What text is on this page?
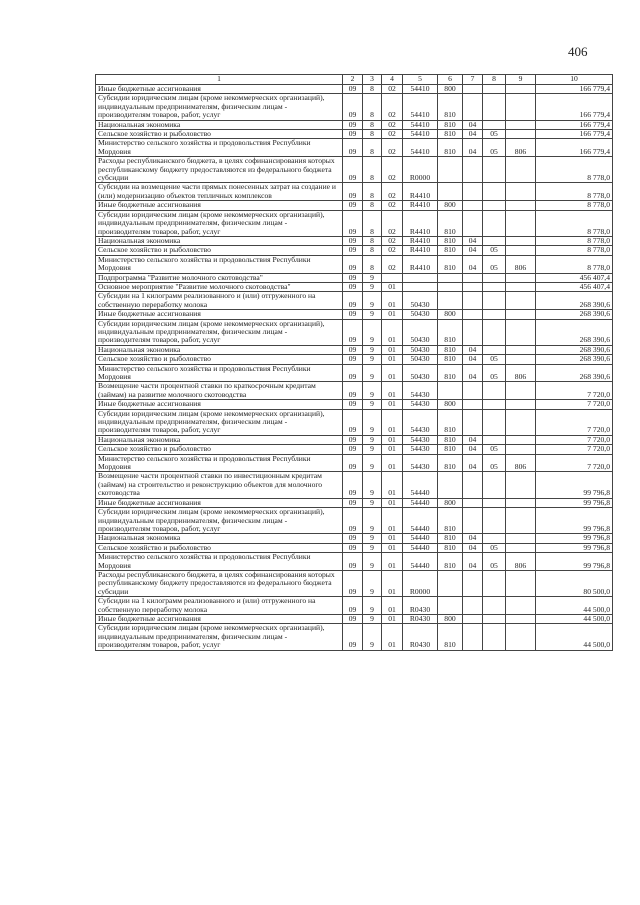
406
1	2	3	4	5	6	7	8	9	10
Иные бюджетные ассигнования	09	8	02	54410	800				166 779,4
Субсидии юридическим лицам (кроме некоммерческих организаций), индивидуальным предпринимателям, физическим лицам - производителям товаров, работ, услуг	09	8	02	54410	810				166 779,4
Национальная экономика	09	8	02	54410	810	04			166 779,4
Сельское хозяйство и рыболовство	09	8	02	54410	810	04	05		166 779,4
Министерство сельского хозяйства и продовольствия Республики Мордовия	09	8	02	54410	810	04	05	806	166 779,4
Расходы республиканского бюджета, в целях софинансирования которых республиканскому бюджету предоставляются из федерального бюджета субсидии	09	8	02	R0000					8 778,0
Субсидии на возмещение части прямых понесенных затрат на создание и (или) модернизацию объектов тепличных комплексов	09	8	02	R4410					8 778,0
Иные бюджетные ассигнования	09	8	02	R4410	800				8 778,0
Субсидии юридическим лицам (кроме некоммерческих организаций), индивидуальным предпринимателям, физическим лицам - производителям товаров, работ, услуг	09	8	02	R4410	810				8 778,0
Национальная экономика	09	8	02	R4410	810	04			8 778,0
Сельское хозяйство и рыболовство	09	8	02	R4410	810	04	05		8 778,0
Министерство сельского хозяйства и продовольствия Республики Мордовия	09	8	02	R4410	810	04	05	806	8 778,0
Подпрограмма "Развитие молочного скотоводства"	09	9							456 407,4
Основное мероприятие "Развитие молочного скотоводства"	09	9	01						456 407,4
Субсидии на 1 килограмм реализованного и (или) отгруженного на собственную переработку молока	09	9	01	50430					268 390,6
Иные бюджетные ассигнования	09	9	01	50430	800				268 390,6
Субсидии юридическим лицам (кроме некоммерческих организаций), индивидуальным предпринимателям, физическим лицам - производителям товаров, работ, услуг	09	9	01	50430	810				268 390,6
Национальная экономика	09	9	01	50430	810	04			268 390,6
Сельское хозяйство и рыболовство	09	9	01	50430	810	04	05		268 390,6
Министерство сельского хозяйства и продовольствия Республики Мордовия	09	9	01	50430	810	04	05	806	268 390,6
Возмещение части процентной ставки по краткосрочным кредитам (займам) на развитие молочного скотоводства	09	9	01	54430					7 720,0
Иные бюджетные ассигнования	09	9	01	54430	800				7 720,0
Субсидии юридическим лицам (кроме некоммерческих организаций), индивидуальным предпринимателям, физическим лицам - производителям товаров, работ, услуг	09	9	01	54430	810				7 720,0
Национальная экономика	09	9	01	54430	810	04			7 720,0
Сельское хозяйство и рыболовство	09	9	01	54430	810	04	05		7 720,0
Министерство сельского хозяйства и продовольствия Республики Мордовия	09	9	01	54430	810	04	05	806	7 720,0
Возмещение части процентной ставки по инвестиционным кредитам (займам) на строительство и реконструкцию объектов для молочного скотоводства	09	9	01	54440					99 796,8
Иные бюджетные ассигнования	09	9	01	54440	800				99 796,8
Субсидии юридическим лицам (кроме некоммерческих организаций), индивидуальным предпринимателям, физическим лицам - производителям товаров, работ, услуг	09	9	01	54440	810				99 796,8
Национальная экономика	09	9	01	54440	810	04			99 796,8
Сельское хозяйство и рыболовство	09	9	01	54440	810	04	05		99 796,8
Министерство сельского хозяйства и продовольствия Республики Мордовия	09	9	01	54440	810	04	05	806	99 796,8
Расходы республиканского бюджета, в целях софинансирования которых республиканскому бюджету предоставляются из федерального бюджета субсидии	09	9	01	R0000					80 500,0
Субсидии на 1 килограмм реализованного и (или) отгруженного на собственную переработку молока	09	9	01	R0430					44 500,0
Иные бюджетные ассигнования	09	9	01	R0430	800				44 500,0
Субсидии юридическим лицам (кроме некоммерческих организаций), индивидуальным предпринимателям, физическим лицам - производителям товаров, работ, услуг	09	9	01	R0430	810				44 500,0
